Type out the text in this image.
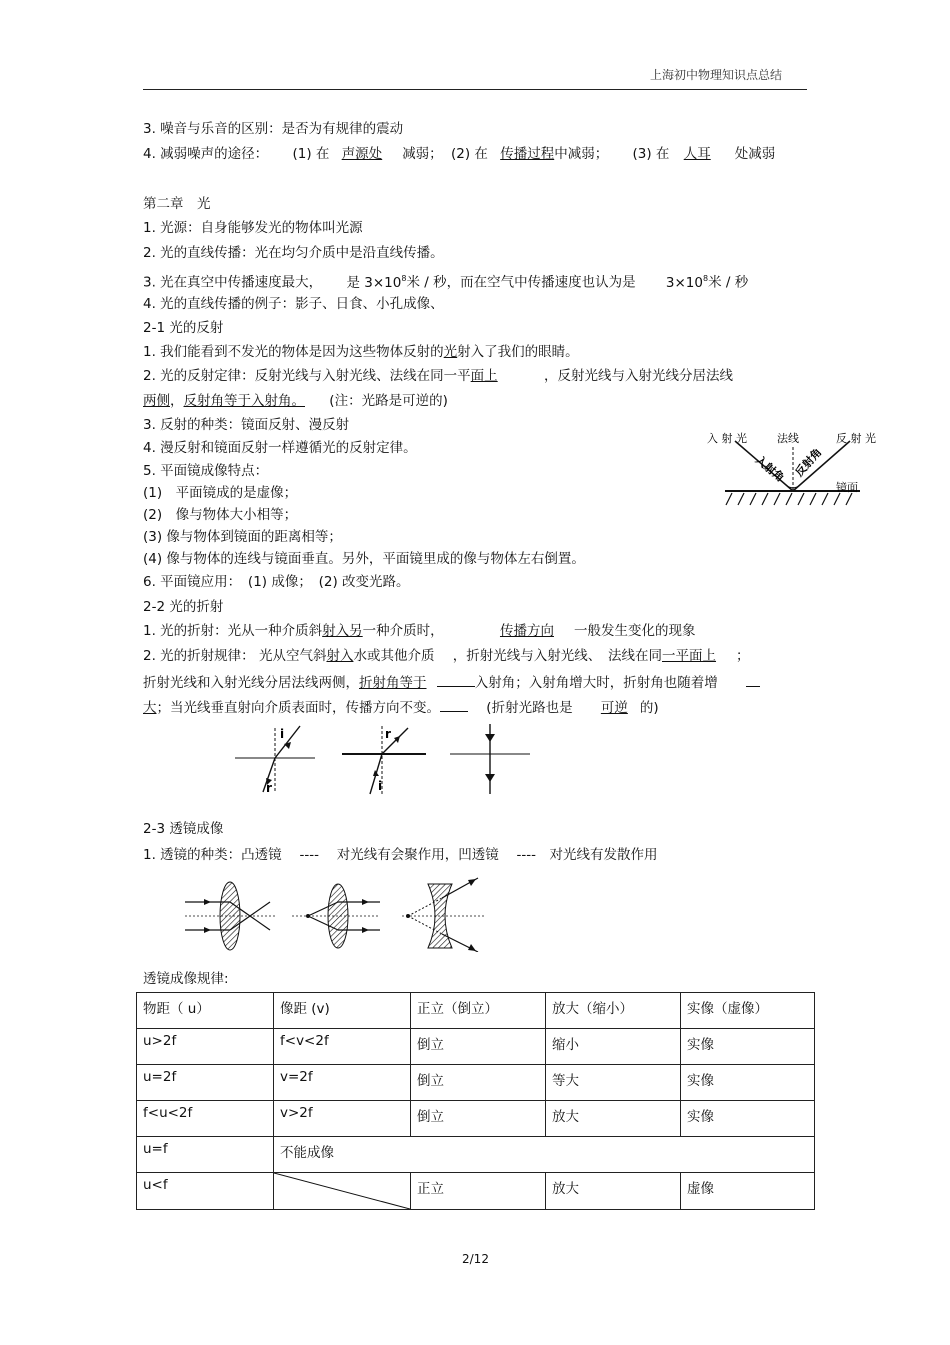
上海初中物理知识点总结
3. 噪音与乐音的区别：是否为有规律的震动
4. 减弱噪声的途径： (1) 在 声源处 减弱； (2) 在 传播过程中减弱； (3) 在 人耳 处减弱
第二章　光
1. 光源：自身能够发光的物体叫光源
2. 光的直线传播：光在均匀介质中是沿直线传播。
3. 光在真空中传播速度最大， 是 $3\times 10^8$米 / 秒，而在空气中传播速度也认为是 $3\times 10^8$米 / 秒
4. 光的直线传播的例子：影子、日食、小孔成像、
2-1 光的反射
1. 我们能看到不发光的物体是因为这些物体反射的光射入了我们的眼睛。
2. 光的反射定律：反射光线与入射光线、法线在同一平面上	，反射光线与入射光线分居法线
两侧，反射角等于入射角。 (注：光路是可逆的)
3. 反射的种类：镜面反射、漫反射
4. 漫反射和镜面反射一样遵循光的反射定律。
5. 平面镜成像特点：
(1)　平面镜成的是虚像；
(2)　像与物体大小相等；
(3) 像与物体到镜面的距离相等；
(4) 像与物体的连线与镜面垂直。另外，平面镜里成的像与物体左右倒置。
6. 平面镜应用：　(1) 成像；　(2) 改变光路。
入 射 光	法线	反 射 光
入射角 反射角
镜面
2-2 光的折射
1. 光的折射：光从一种介质斜射入另一种介质时，	传播方向 一般发生变化的现象
2. 光的折射规律： 光从空气斜射入水或其他介质 ，折射光线与入射光线、　法线在同一平面上 ；
折射光线和入射光线分居法线两侧，折射角等于	入射角；入射角增大时，折射角也随着增
大；当光线垂直射向介质表面时，传播方向不变。	(折射光路也是 可逆 的)
i
r
r
i
2-3 透镜成像
1. 透镜的种类：凸透镜　 ----　 对光线有会聚作用，凹透镜　 ----　对光线有发散作用
透镜成像规律:
物距（ u）	像距 (v)	正立（倒立）	放大（缩小）	实像（虚像）
u>2f	f<v<2f	倒立	缩小	实像
u=2f	v=2f	倒立	等大	实像
f<u<2f	v>2f	倒立	放大	实像
u=f	不能成像			
u<f		正立	放大	虚像
2/12
